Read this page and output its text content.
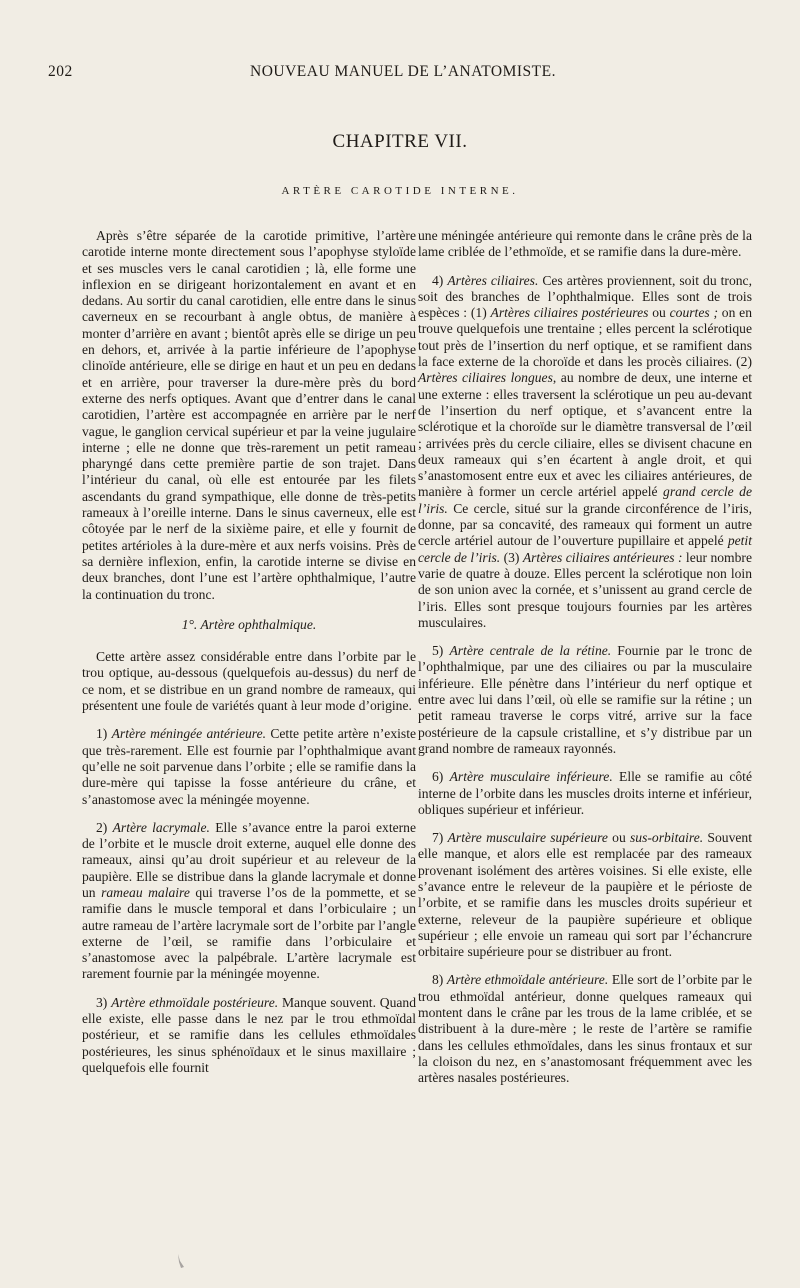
202	NOUVEAU MANUEL DE L’ANATOMISTE.
CHAPITRE VII.
ARTÈRE CAROTIDE INTERNE.

Après s’être séparée de la carotide primitive, l’artère carotide interne monte directement sous l’apophyse styloïde et ses muscles vers le canal carotidien ; là, elle forme une inflexion en se dirigeant horizontalement en avant et en dedans. Au sortir du canal carotidien, elle entre dans le sinus caverneux en se recourbant à angle obtus, de manière à monter d’arrière en avant ; bientôt après elle se dirige un peu en dehors, et, arrivée à la partie inférieure de l’apophyse clinoïde antérieure, elle se dirige en haut et un peu en dedans et en arrière, pour traverser la dure-mère près du bord externe des nerfs optiques. Avant que d’entrer dans le canal carotidien, l’artère est accompagnée en arrière par le nerf vague, le ganglion cervical supérieur et par la veine jugulaire interne ; elle ne donne que très-rarement un petit rameau pharyngé dans cette première partie de son trajet. Dans l’intérieur du canal, où elle est entourée par les filets ascendants du grand sympathique, elle donne de très-petits rameaux à l’oreille interne. Dans le sinus caverneux, elle est côtoyée par le nerf de la sixième paire, et elle y fournit de petites artérioles à la dure-mère et aux nerfs voisins. Près de sa dernière inflexion, enfin, la carotide interne se divise en deux branches, dont l’une est l’artère ophthalmique, l’autre la continuation du tronc.

1°. Artère ophthalmique.

Cette artère assez considérable entre dans l’orbite par le trou optique, au-dessous (quelquefois au-dessus) du nerf de ce nom, et se distribue en un grand nombre de rameaux, qui présentent une foule de variétés quant à leur mode d’origine.

1) Artère méningée antérieure. Cette petite artère n’existe que très-rarement. Elle est fournie par l’ophthalmique avant qu’elle ne soit parvenue dans l’orbite ; elle se ramifie dans la dure-mère qui tapisse la fosse antérieure du crâne, et s’anastomose avec la méningée moyenne.

2) Artère lacrymale. Elle s’avance entre la paroi externe de l’orbite et le muscle droit externe, auquel elle donne des rameaux, ainsi qu’au droit supérieur et au releveur de la paupière. Elle se distribue dans la glande lacrymale et donne un rameau malaire qui traverse l’os de la pommette, et se ramifie dans le muscle temporal et dans l’orbiculaire ; un autre rameau de l’artère lacrymale sort de l’orbite par l’angle externe de l’œil, se ramifie dans l’orbiculaire et s’anastomose avec la palpébrale. L’artère lacrymale est rarement fournie par la méningée moyenne.

3) Artère ethmoïdale postérieure. Manque souvent. Quand elle existe, elle passe dans le nez par le trou ethmoïdal postérieur, et se ramifie dans les cellules ethmoïdales postérieures, les sinus sphénoïdaux et le sinus maxillaire ; quelquefois elle fournit

une méningée antérieure qui remonte dans le crâne près de la lame criblée de l’ethmoïde, et se ramifie dans la dure-mère.

4) Artères ciliaires. Ces artères proviennent, soit du tronc, soit des branches de l’ophthalmique. Elles sont de trois espèces : (1) Artères ciliaires postérieures ou courtes ; on en trouve quelquefois une trentaine ; elles percent la sclérotique tout près de l’insertion du nerf optique, et se ramifient dans la face externe de la choroïde et dans les procès ciliaires. (2) Artères ciliaires longues, au nombre de deux, une interne et une externe : elles traversent la sclérotique un peu au-devant de l’insertion du nerf optique, et s’avancent entre la sclérotique et la choroïde sur le diamètre transversal de l’œil ; arrivées près du cercle ciliaire, elles se divisent chacune en deux rameaux qui s’en écartent à angle droit, et qui s’anastomosent entre eux et avec les ciliaires antérieures, de manière à former un cercle artériel appelé grand cercle de l’iris. Ce cercle, situé sur la grande circonférence de l’iris, donne, par sa concavité, des rameaux qui forment un autre cercle artériel autour de l’ouverture pupillaire et appelé petit cercle de l’iris. (3) Artères ciliaires antérieures : leur nombre varie de quatre à douze. Elles percent la sclérotique non loin de son union avec la cornée, et s’unissent au grand cercle de l’iris. Elles sont presque toujours fournies par les artères musculaires.

5) Artère centrale de la rétine. Fournie par le tronc de l’ophthalmique, par une des ciliaires ou par la musculaire inférieure. Elle pénètre dans l’intérieur du nerf optique et entre avec lui dans l’œil, où elle se ramifie sur la rétine ; un petit rameau traverse le corps vitré, arrive sur la face postérieure de la capsule cristalline, et s’y distribue par un grand nombre de rameaux rayonnés.

6) Artère musculaire inférieure. Elle se ramifie au côté interne de l’orbite dans les muscles droits interne et inférieur, obliques supérieur et inférieur.

7) Artère musculaire supérieure ou sus-orbitaire. Souvent elle manque, et alors elle est remplacée par des rameaux provenant isolément des artères voisines. Si elle existe, elle s’avance entre le releveur de la paupière et le périoste de l’orbite, et se ramifie dans les muscles droits supérieur et externe, releveur de la paupière supérieure et oblique supérieur ; elle envoie un rameau qui sort par l’échancrure orbitaire supérieure pour se distribuer au front.

8) Artère ethmoïdale antérieure. Elle sort de l’orbite par le trou ethmoïdal antérieur, donne quelques rameaux qui montent dans le crâne par les trous de la lame criblée, et se distribuent à la dure-mère ; le reste de l’artère se ramifie dans les cellules ethmoïdales, dans les sinus frontaux et sur la cloison du nez, en s’anastomosant fréquemment avec les artères nasales postérieures.
